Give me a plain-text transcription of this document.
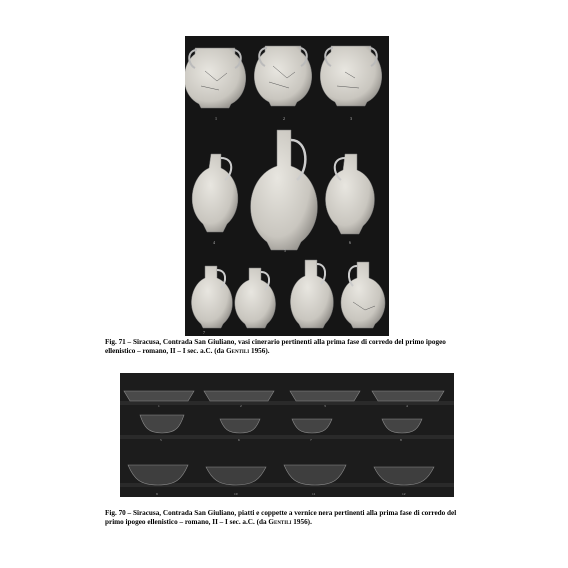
1	2	3
4
5
6
7
Fig. 71 – Siracusa, Contrada San Giuliano, vasi cinerario pertinenti alla prima fase di corredo del primo ipogeo ellenistico – romano, II – I sec. a.C. (da Gentili 1956).
1	2	3	4
5	6	7	8
9	10	11	12
Fig. 70 – Siracusa, Contrada San Giuliano, piatti e coppette a vernice nera pertinenti alla prima fase di corredo del primo ipogeo ellenistico – romano, II – I sec. a.C. (da Gentili 1956).
